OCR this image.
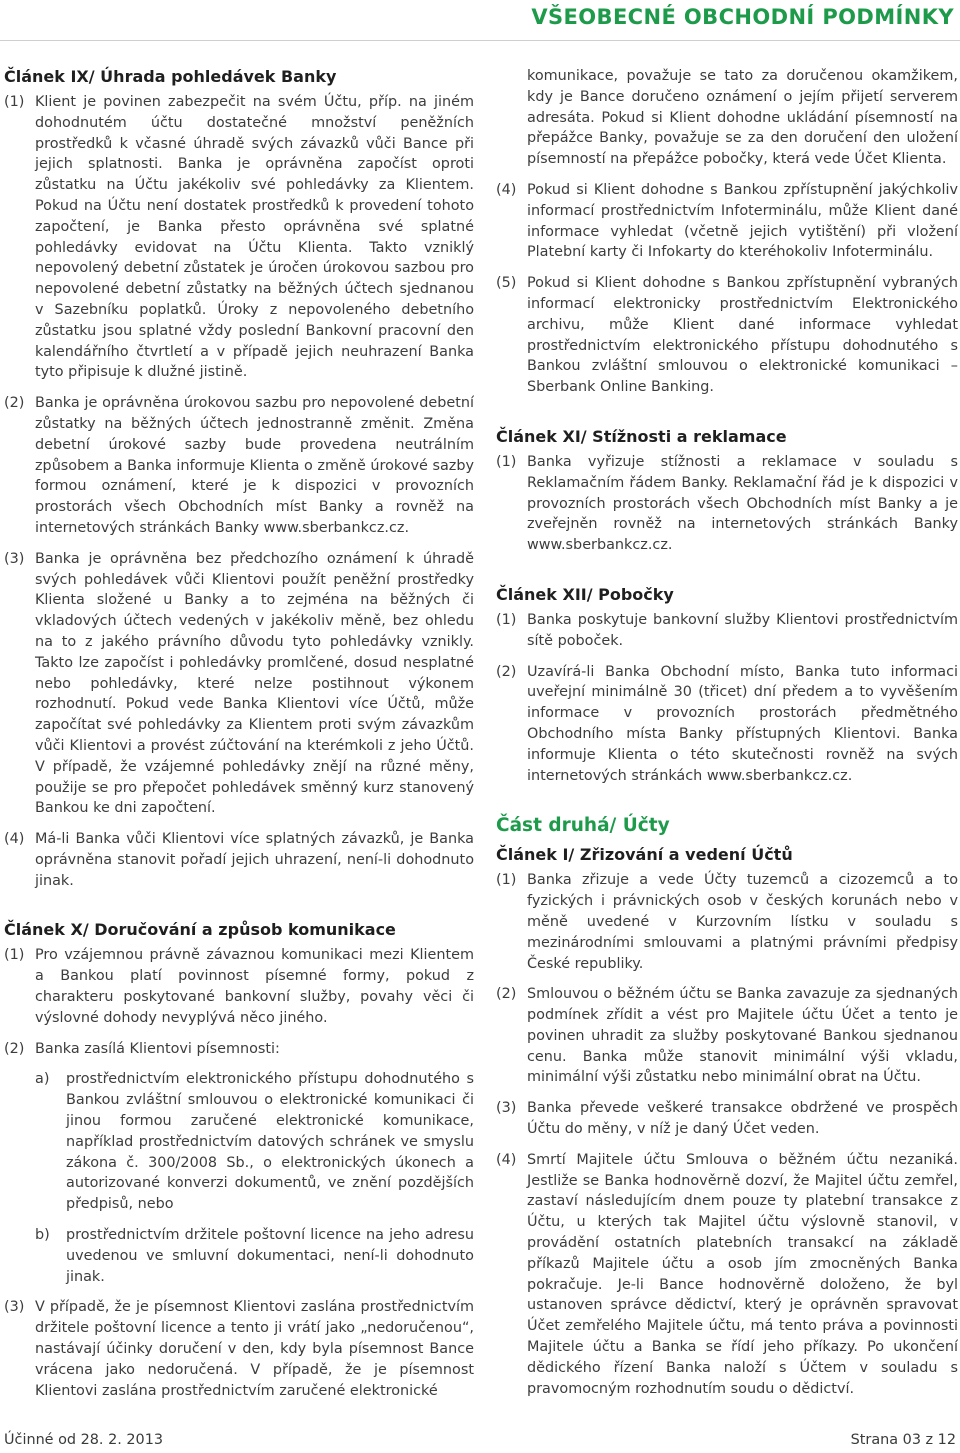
VŠEOBECNÉ OBCHODNÍ PODMÍNKY
Článek IX/ Úhrada pohledávek Banky
(1) Klient je povinen zabezpečit na svém Účtu, příp. na jiném dohodnutém účtu dostatečné množství peněžních prostředků k včasné úhradě svých závazků vůči Bance při jejich splatnosti. Banka je oprávněna započíst oproti zůstatku na Účtu jakékoliv své pohledávky za Klientem. Pokud na Účtu není dostatek prostředků k provedení tohoto započtení, je Banka přesto oprávněna své splatné pohledávky evidovat na Účtu Klienta. Takto vzniklý nepovolený debetní zůstatek je úročen úrokovou sazbou pro nepovolené debetní zůstatky na běžných účtech sjednanou v Sazebníku poplatků. Úroky z nepovoleného debetního zůstatku jsou splatné vždy poslední Bankovní pracovní den kalendářního čtvrtletí a v případě jejich neuhrazení Banka tyto připisuje k dlužné jistině.
(2) Banka je oprávněna úrokovou sazbu pro nepovolené debetní zůstatky na běžných účtech jednostranně změnit. Změna debetní úrokové sazby bude provedena neutrálním způsobem a Banka informuje Klienta o změně úrokové sazby formou oznámení, které je k dispozici v provozních prostorách všech Obchodních míst Banky a rovněž na internetových stránkách Banky www.sberbankcz.cz.
(3) Banka je oprávněna bez předchozího oznámení k úhradě svých pohledávek vůči Klientovi použít peněžní prostředky Klienta složené u Banky a to zejména na běžných či vkladových účtech vedených v jakékoliv měně, bez ohledu na to z jakého právního důvodu tyto pohledávky vznikly. Takto lze započíst i pohledávky promlčené, dosud nesplatné nebo pohledávky, které nelze postihnout výkonem rozhodnutí. Pokud vede Banka Klientovi více Účtů, může započítat své pohledávky za Klientem proti svým závazkům vůči Klientovi a provést zúčtování na kterémkoli z jeho Účtů. V případě, že vzájemné pohledávky znějí na různé měny, použije se pro přepočet pohledávek směnný kurz stanovený Bankou ke dni započtení.
(4) Má-li Banka vůči Klientovi více splatných závazků, je Banka oprávněna stanovit pořadí jejich uhrazení, není-li dohodnuto jinak.
Článek X/ Doručování a způsob komunikace
(1) Pro vzájemnou právně závaznou komunikaci mezi Klientem a Bankou platí povinnost písemné formy, pokud z charakteru poskytované bankovní služby, povahy věci či výslovné dohody nevyplývá něco jiného.
(2) Banka zasílá Klientovi písemnosti:
a)	prostřednictvím elektronického přístupu dohodnutého s Bankou zvláštní smlouvou o elektronické komunikaci či jinou formou zaručené elektronické komunikace, například prostřednictvím datových schránek ve smyslu zákona č. 300/2008 Sb., o elektronických úkonech a autorizované konverzi dokumentů, ve znění pozdějších předpisů, nebo
b)	prostřednictvím držitele poštovní licence na jeho adresu uvedenou ve smluvní dokumentaci, není-li dohodnuto jinak.
(3) V případě, že je písemnost Klientovi zaslána prostřednictvím držitele poštovní licence a tento ji vrátí jako „nedoručenou“, nastávají účinky doručení v den, kdy byla písemnost Bance vrácena jako nedoručená. V případě, že je písemnost Klientovi zaslána prostřednictvím zaručené elektronické
komunikace, považuje se tato za doručenou okamžikem, kdy je Bance doručeno oznámení o jejím přijetí serverem adresáta. Pokud si Klient dohodne ukládání písemností na přepážce Banky, považuje se za den doručení den uložení písemností na přepážce pobočky, která vede Účet Klienta.
(4) Pokud si Klient dohodne s Bankou zpřístupnění jakýchkoliv informací prostřednictvím Infoterminálu, může Klient dané informace vyhledat (včetně jejich vytištění) při vložení Platební karty či Infokarty do kteréhokoliv Infoterminálu.
(5) Pokud si Klient dohodne s Bankou zpřístupnění vybraných informací elektronicky prostřednictvím Elektronického archivu, může Klient dané informace vyhledat prostřednictvím elektronického přístupu dohodnutého s Bankou zvláštní smlouvou o elektronické komunikaci – Sberbank Online Banking.
Článek XI/ Stížnosti a reklamace
(1) Banka vyřizuje stížnosti a reklamace v souladu s Reklamačním řádem Banky. Reklamační řád je k dispozici v provozních prostorách všech Obchodních míst Banky a je zveřejněn rovněž na internetových stránkách Banky www.sberbankcz.cz.
Článek XII/ Pobočky
(1) Banka poskytuje bankovní služby Klientovi prostřednictvím sítě poboček.
(2) Uzavírá-li Banka Obchodní místo, Banka tuto informaci uveřejní minimálně 30 (třicet) dní předem a to vyvěšením informace v provozních prostorách předmětného Obchodního místa Banky přístupných Klientovi. Banka informuje Klienta o této skutečnosti rovněž na svých internetových stránkách www.sberbankcz.cz.
Část druhá/ Účty
Článek I/ Zřizování a vedení Účtů
(1) Banka zřizuje a vede Účty tuzemců a cizozemců a to fyzických i právnických osob v českých korunách nebo v měně uvedené v Kurzovním lístku v souladu s mezinárodními smlouvami a platnými právními předpisy České republiky.
(2) Smlouvou o běžném účtu se Banka zavazuje za sjednaných podmínek zřídit a vést pro Majitele účtu Účet a tento je povinen uhradit za služby poskytované Bankou sjednanou cenu. Banka může stanovit minimální výši vkladu, minimální výši zůstatku nebo minimální obrat na Účtu.
(3) Banka převede veškeré transakce obdržené ve prospěch Účtu do měny, v níž je daný Účet veden.
(4) Smrtí Majitele účtu Smlouva o běžném účtu nezaniká. Jestliže se Banka hodnověrně dozví, že Majitel účtu zemřel, zastaví následujícím dnem pouze ty platební transakce z Účtu, u kterých tak Majitel účtu výslovně stanovil, v provádění ostatních platebních transakcí na základě příkazů Majitele účtu a osob jím zmocněných Banka pokračuje. Je-li Bance hodnověrně doloženo, že byl ustanoven správce dědictví, který je oprávněn spravovat Účet zemřelého Majitele účtu, má tento práva a povinnosti Majitele účtu a Banka se řídí jeho příkazy. Po ukončení dědického řízení Banka naloží s Účtem v souladu s pravomocným rozhodnutím soudu o dědictví.
Účinné od 28. 2. 2013	Strana 03 z 12
